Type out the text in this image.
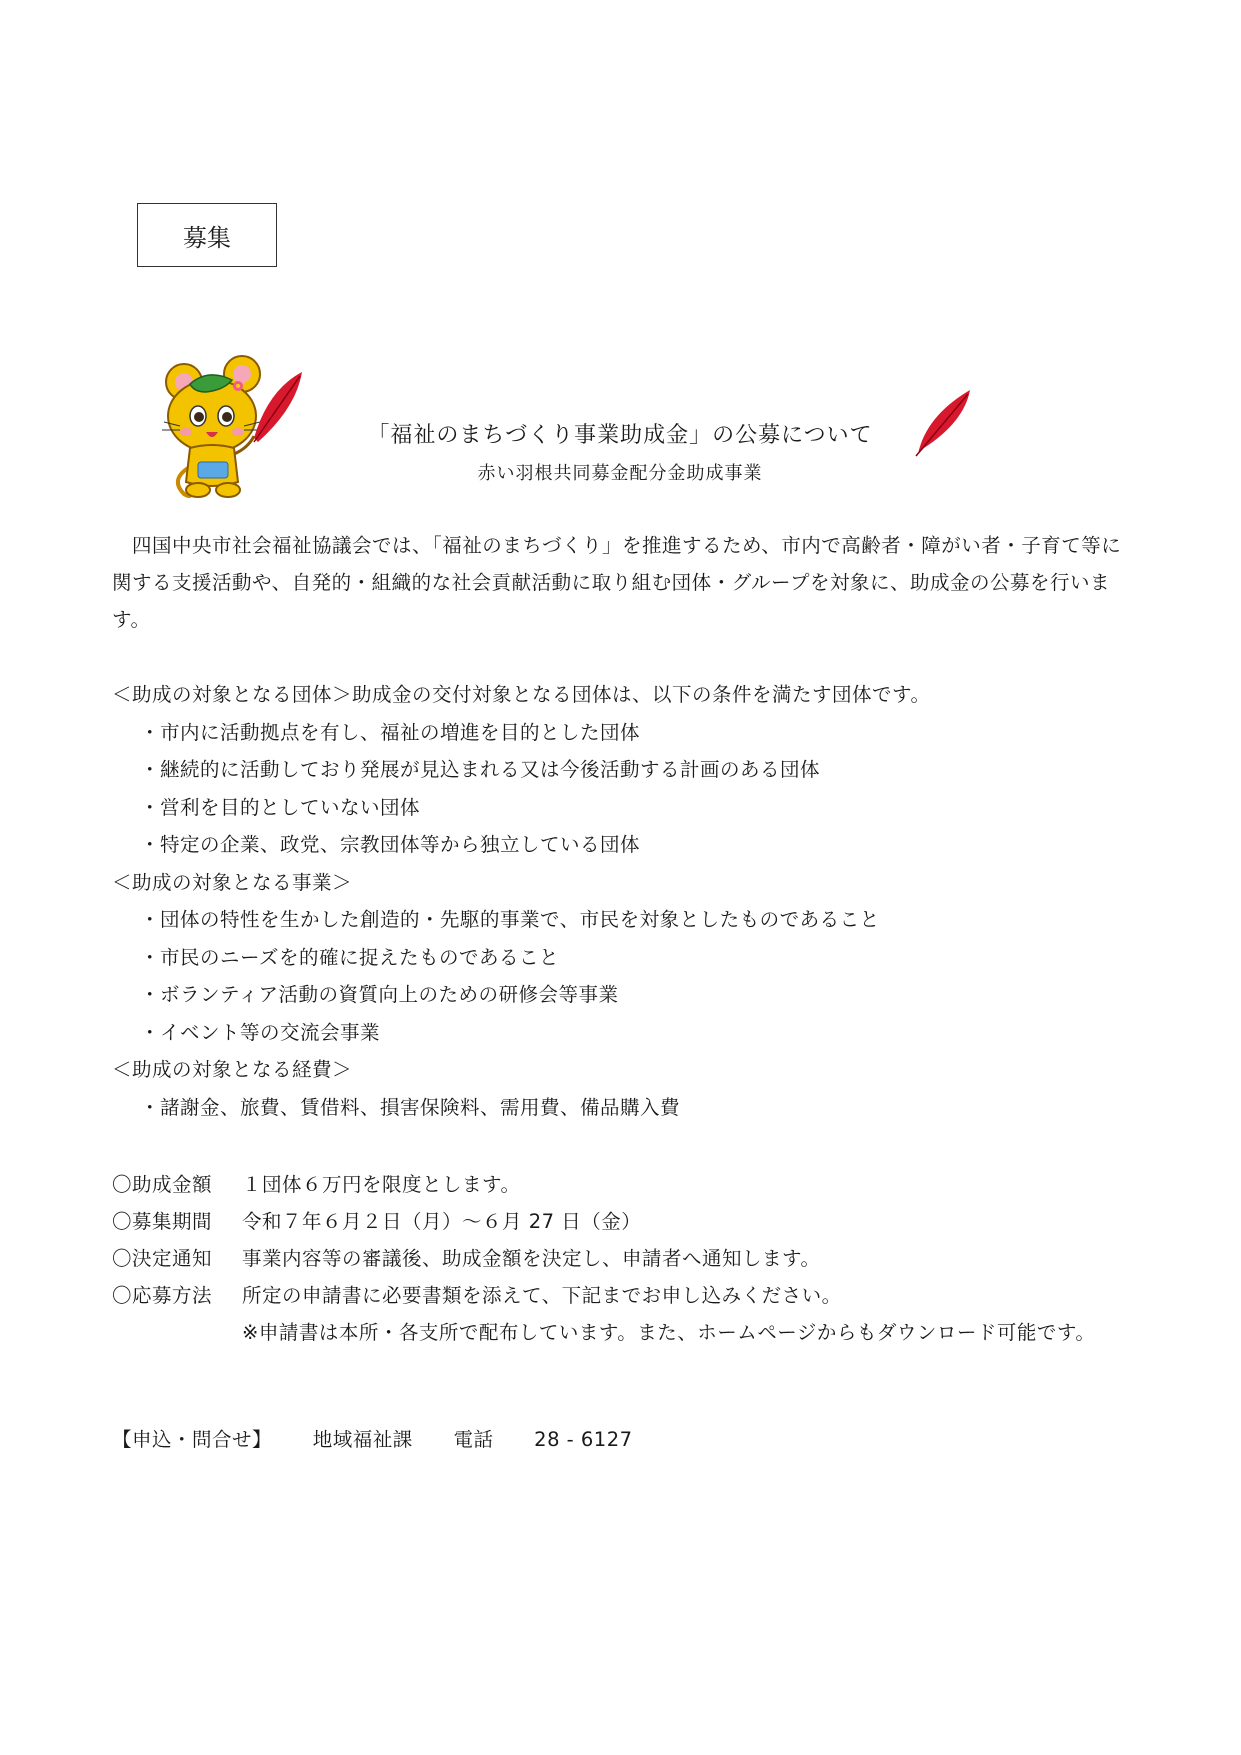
募集
「福祉のまちづくり事業助成金」の公募について
赤い羽根共同募金配分金助成事業
　四国中央市社会福祉協議会では、「福祉のまちづくり」を推進するため、市内で高齢者・障がい者・子育て等に関する支援活動や、自発的・組織的な社会貢献活動に取り組む団体・グループを対象に、助成金の公募を行います。
＜助成の対象となる団体＞助成金の交付対象となる団体は、以下の条件を満たす団体です。
・市内に活動拠点を有し、福祉の増進を目的とした団体
・継続的に活動しており発展が見込まれる又は今後活動する計画のある団体
・営利を目的としていない団体
・特定の企業、政党、宗教団体等から独立している団体
＜助成の対象となる事業＞
・団体の特性を生かした創造的・先駆的事業で、市民を対象としたものであること
・市民のニーズを的確に捉えたものであること
・ボランティア活動の資質向上のための研修会等事業
・イベント等の交流会事業
＜助成の対象となる経費＞
・諸謝金、旅費、賃借料、損害保険料、需用費、備品購入費
〇助成金額 １団体６万円を限度とします。
〇募集期間 令和７年６月２日（月）～６月 27 日（金）
〇決定通知 事業内容等の審議後、助成金額を決定し、申請者へ通知します。
〇応募方法 所定の申請書に必要書類を添えて、下記までお申し込みください。
※申請書は本所・各支所で配布しています。また、ホームページからもダウンロード可能です。
【申込・問合せ】 地域福祉課 電話 28 - 6127
